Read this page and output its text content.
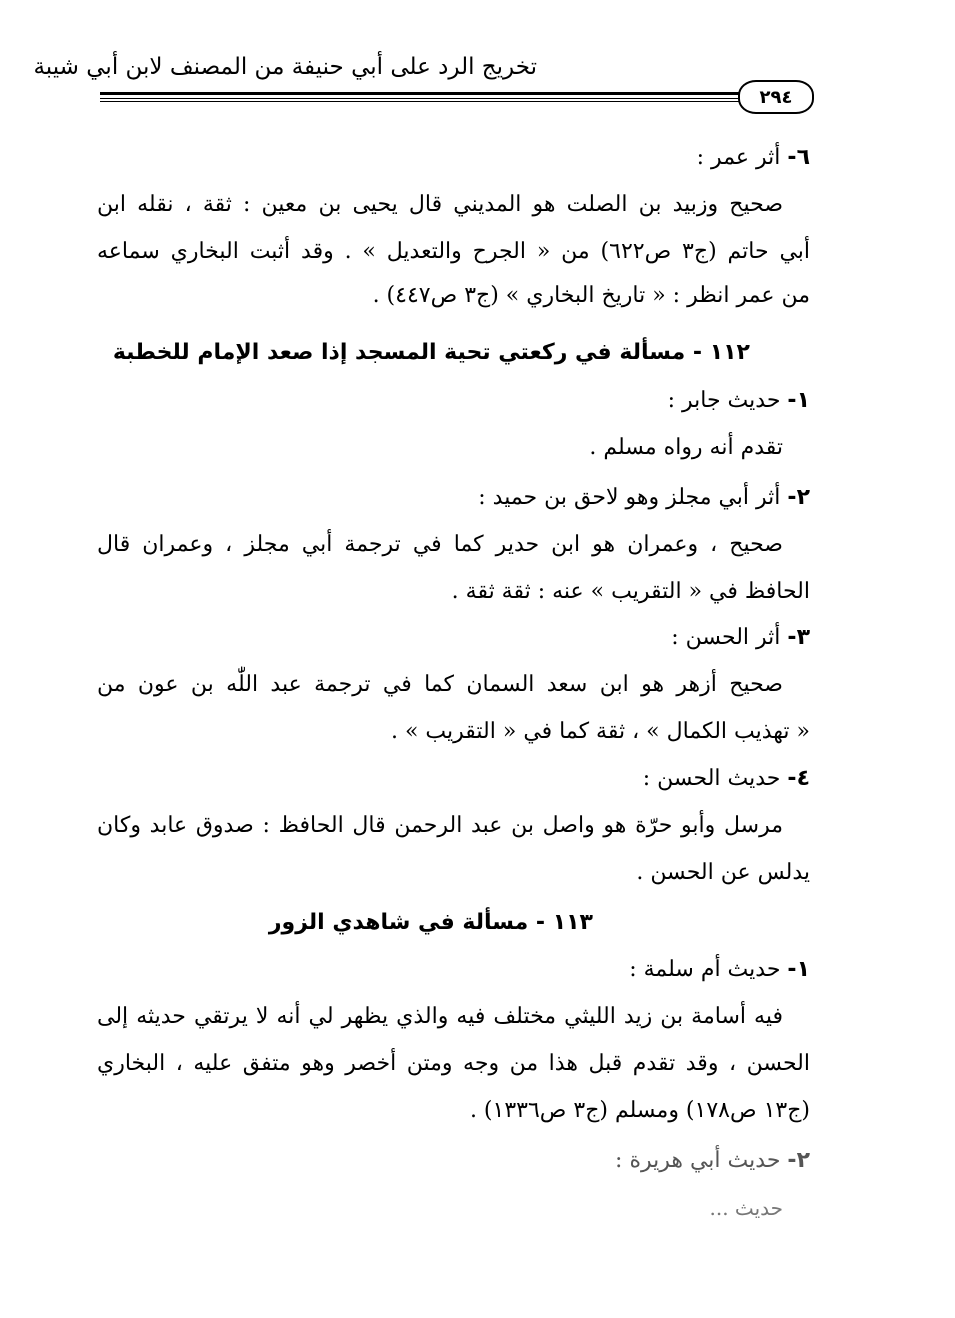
تخريج الرد على أبي حنيفة من المصنف لابن أبي شيبة
٢٩٤
٦- أثر عمر :
صحيح وزبيد بن الصلت هو المديني قال يحيى بن معين : ثقة ، نقله ابن
أبي حاتم (ج٣ ص٦٢٢) من « الجرح والتعديل » . وقد أثبت البخاري سماعه
من عمر انظر : « تاريخ البخاري » (ج٣ ص٤٤٧) .
١١٢ - مسألة في ركعتي تحية المسجد إذا صعد الإمام للخطبة
١- حديث جابر :
تقدم أنه رواه مسلم .
٢- أثر أبي مجلز وهو لاحق بن حميد :
صحيح ، وعمران هو ابن حدير كما في ترجمة أبي مجلز ، وعمران قال
الحافظ في « التقريب » عنه : ثقة ثقة .
٣- أثر الحسن :
صحيح أزهر هو ابن سعد السمان كما في ترجمة عبد اللّٰه بن عون من
« تهذيب الكمال » ، ثقة كما في « التقريب » .
٤- حديث الحسن :
مرسل وأبو حرّة هو واصل بن عبد الرحمن قال الحافظ : صدوق عابد وكان
يدلس عن الحسن .
١١٣ - مسألة في شاهدي الزور
١- حديث أم سلمة :
فيه أسامة بن زيد الليثي مختلف فيه والذي يظهر لي أنه لا يرتقي حديثه إلى
الحسن ، وقد تقدم قبل هذا من وجه ومتن أخصر وهو متفق عليه ، البخاري
(ج١٣ ص١٧٨) ومسلم (ج٣ ص١٣٣٦) .
٢- حديث أبي هريرة :
حديث ...
